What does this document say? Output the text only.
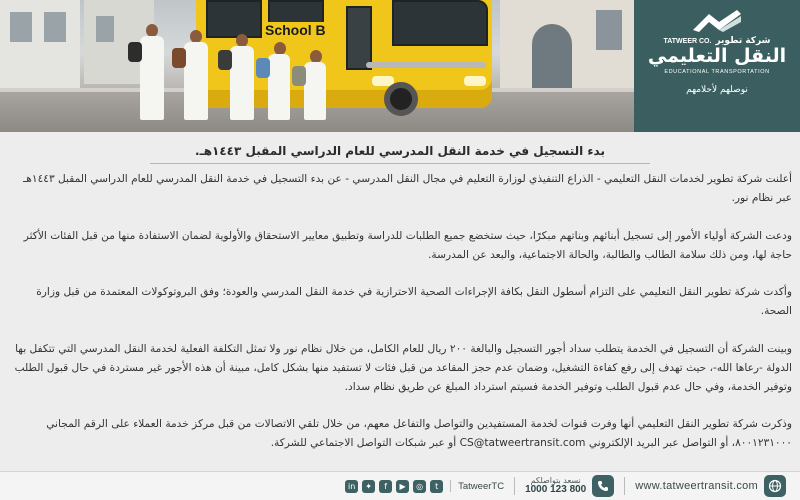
School B
TATWEER CO. شركة تطوير
النقل التعليمي
EDUCATIONAL TRANSPORTATION
نوصلهم لأحلامهم
بدء التسجيل في خدمة النقل المدرسي للعام الدراسي المقبل ١٤٤٣هـ.

أعلنت شركة تطوير لخدمات النقل التعليمي - الذراع التنفيذي لوزارة التعليم في مجال النقل المدرسي - عن بدء التسجيل في خدمة النقل المدرسي للعام الدراسي المقبل ١٤٤٣هـ عبر نظام نور.

ودعت الشركة أولياء الأمور إلى تسجيل أبنائهم وبناتهم مبكرًا، حيث ستخضع جميع الطلبات للدراسة وتطبيق معايير الاستحقاق والأولوية لضمان الاستفادة منها من قبل الفئات الأكثر حاجة لها، ومن ذلك سلامة الطالب والطالبة، والحالة الاجتماعية، والبعد عن المدرسة.

وأكدت شركة تطوير النقل التعليمي على التزام أسطول النقل بكافة الإجراءات الصحية الاحترازية في خدمة النقل المدرسي والعودة؛ وفق البروتوكولات المعتمدة من قبل وزارة الصحة.

وبينت الشركة أن التسجيل في الخدمة يتطلب سداد أجور التسجيل والبالغة ٢٠٠ ريال للعام الكامل، من خلال نظام نور ولا تمثل التكلفة الفعلية لخدمة النقل المدرسي التي تتكفل بها الدولة -رعاها الله-، حيث تهدف إلى رفع كفاءة التشغيل، وضمان عدم حجز المقاعد من قبل فئات لا تستفيد منها بشكل كامل، مبينة أن هذه الأجور غير مستردة في حال قبول الطلب وتوفير الخدمة، وفي حال عدم قبول الطلب وتوفير الخدمة فسيتم استرداد المبلغ عن طريق نظام سداد.

وذكرت شركة تطوير النقل التعليمي أنها وفرت قنوات لخدمة المستفيدين والتواصل والتفاعل معهم، من خلال تلقي الاتصالات من قبل مركز خدمة العملاء على الرقم المجاني ٨٠٠١٢٣١٠٠٠، أو التواصل عبر البريد الإلكتروني CS@tatweertransit.com أو عبر شبكات التواصل الاجتماعي للشركة.

www.tatweertransit.com
نسعد بتواصلكم
800 123 1000
TatweerTC
t
◎
▶
f
✦
in
